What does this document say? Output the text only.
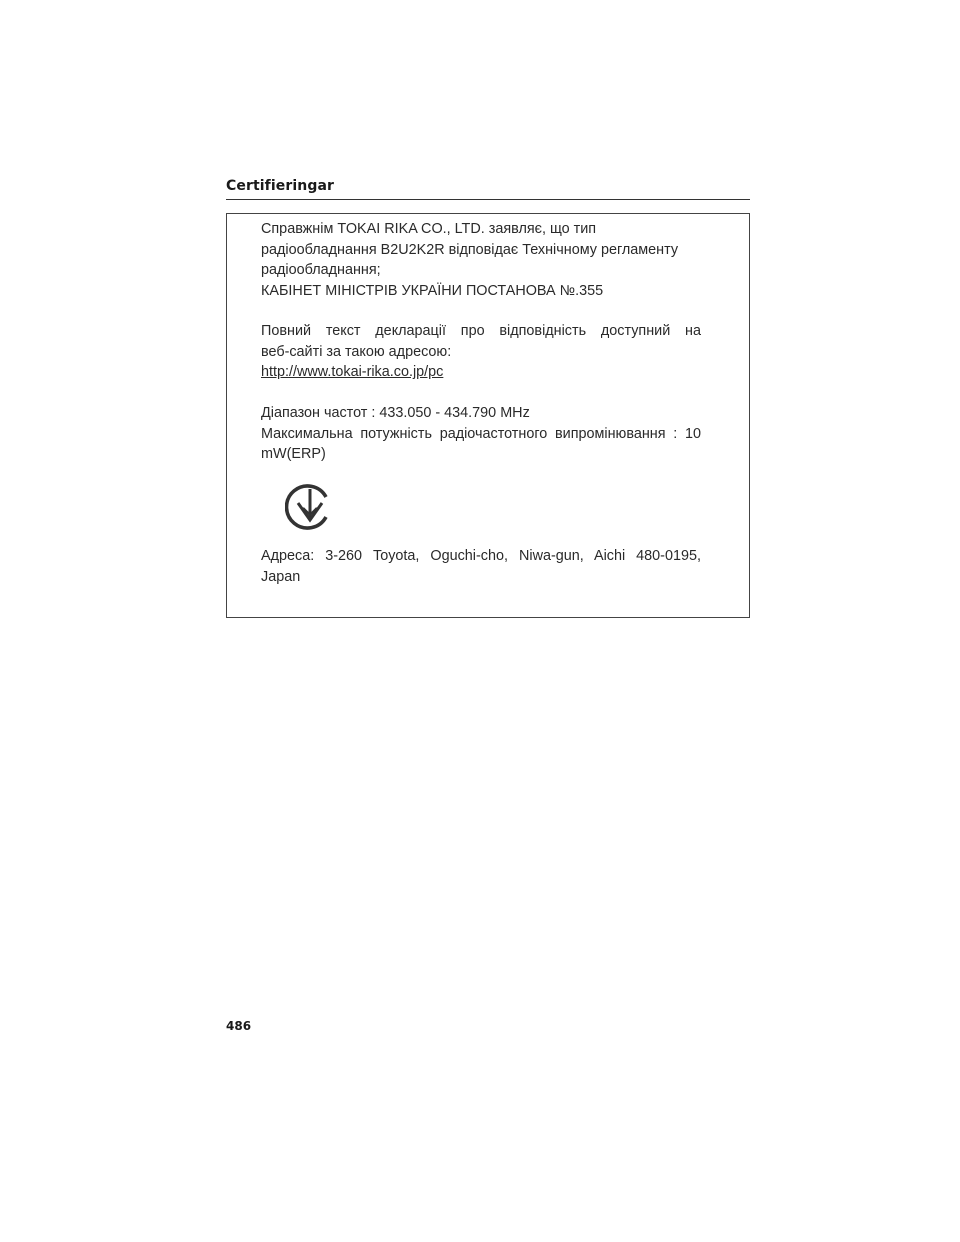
Certifieringar
Справжнім TOKAI RIKA CO., LTD. заявляє, що тип
радіообладнання B2U2K2R відповідає Технічному регламенту
радіообладнання;
КАБІНЕТ МІНІСТРІВ УКРАЇНИ ПОСТАНОВА №.355
Повний текст декларації про відповідність доступний на
веб-сайті за такою адресою:
http://www.tokai-rika.co.jp/pc
Діапазон частот : 433.050 - 434.790 MHz
Максимальна потужність радіочастотного випромінювання : 10
mW(ERP)
Адреса: 3-260 Toyota, Oguchi-cho, Niwa-gun, Aichi 480-0195,
Japan
486
